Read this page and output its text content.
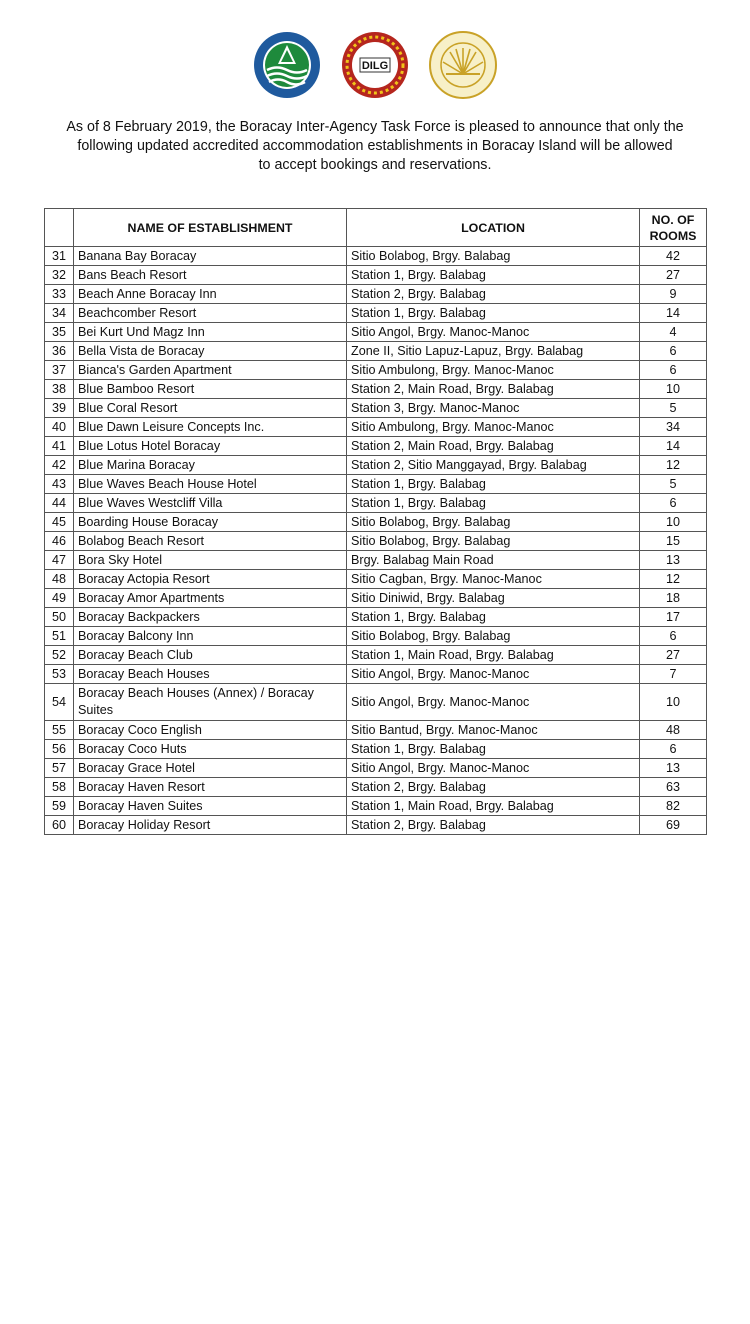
DILG
As of 8 February 2019, the Boracay Inter-Agency Task Force is pleased to announce that only the
following updated accredited accommodation establishments in Boracay Island will be allowed
to accept bookings and reservations.
	NAME OF ESTABLISHMENT	LOCATION	NO. OF ROOMS
31	Banana Bay Boracay	Sitio Bolabog, Brgy. Balabag	42
32	Bans Beach Resort	Station 1, Brgy. Balabag	27
33	Beach Anne Boracay Inn	Station 2, Brgy. Balabag	9
34	Beachcomber Resort	Station 1, Brgy. Balabag	14
35	Bei Kurt Und Magz Inn	Sitio Angol, Brgy. Manoc-Manoc	4
36	Bella Vista de Boracay	Zone II, Sitio Lapuz-Lapuz, Brgy. Balabag	6
37	Bianca's Garden Apartment	Sitio Ambulong, Brgy. Manoc-Manoc	6
38	Blue Bamboo Resort	Station 2, Main Road, Brgy. Balabag	10
39	Blue Coral Resort	Station 3, Brgy. Manoc-Manoc	5
40	Blue Dawn Leisure Concepts Inc.	Sitio Ambulong, Brgy. Manoc-Manoc	34
41	Blue Lotus Hotel Boracay	Station 2, Main Road, Brgy. Balabag	14
42	Blue Marina Boracay	Station 2, Sitio Manggayad, Brgy. Balabag	12
43	Blue Waves Beach House Hotel	Station 1, Brgy. Balabag	5
44	Blue Waves Westcliff Villa	Station 1, Brgy. Balabag	6
45	Boarding House Boracay	Sitio Bolabog, Brgy. Balabag	10
46	Bolabog Beach Resort	Sitio Bolabog, Brgy. Balabag	15
47	Bora Sky Hotel	Brgy. Balabag Main Road	13
48	Boracay Actopia Resort	Sitio Cagban, Brgy. Manoc-Manoc	12
49	Boracay Amor Apartments	Sitio Diniwid, Brgy. Balabag	18
50	Boracay Backpackers	Station 1, Brgy. Balabag	17
51	Boracay Balcony Inn	Sitio Bolabog, Brgy. Balabag	6
52	Boracay Beach Club	Station 1, Main Road, Brgy. Balabag	27
53	Boracay Beach Houses	Sitio Angol, Brgy. Manoc-Manoc	7
54	Boracay Beach Houses (Annex) / Boracay Suites	Sitio Angol, Brgy. Manoc-Manoc	10
55	Boracay Coco English	Sitio Bantud, Brgy. Manoc-Manoc	48
56	Boracay Coco Huts	Station 1, Brgy. Balabag	6
57	Boracay Grace Hotel	Sitio Angol, Brgy. Manoc-Manoc	13
58	Boracay Haven Resort	Station 2, Brgy. Balabag	63
59	Boracay Haven Suites	Station 1, Main Road, Brgy. Balabag	82
60	Boracay Holiday Resort	Station 2, Brgy. Balabag	69
